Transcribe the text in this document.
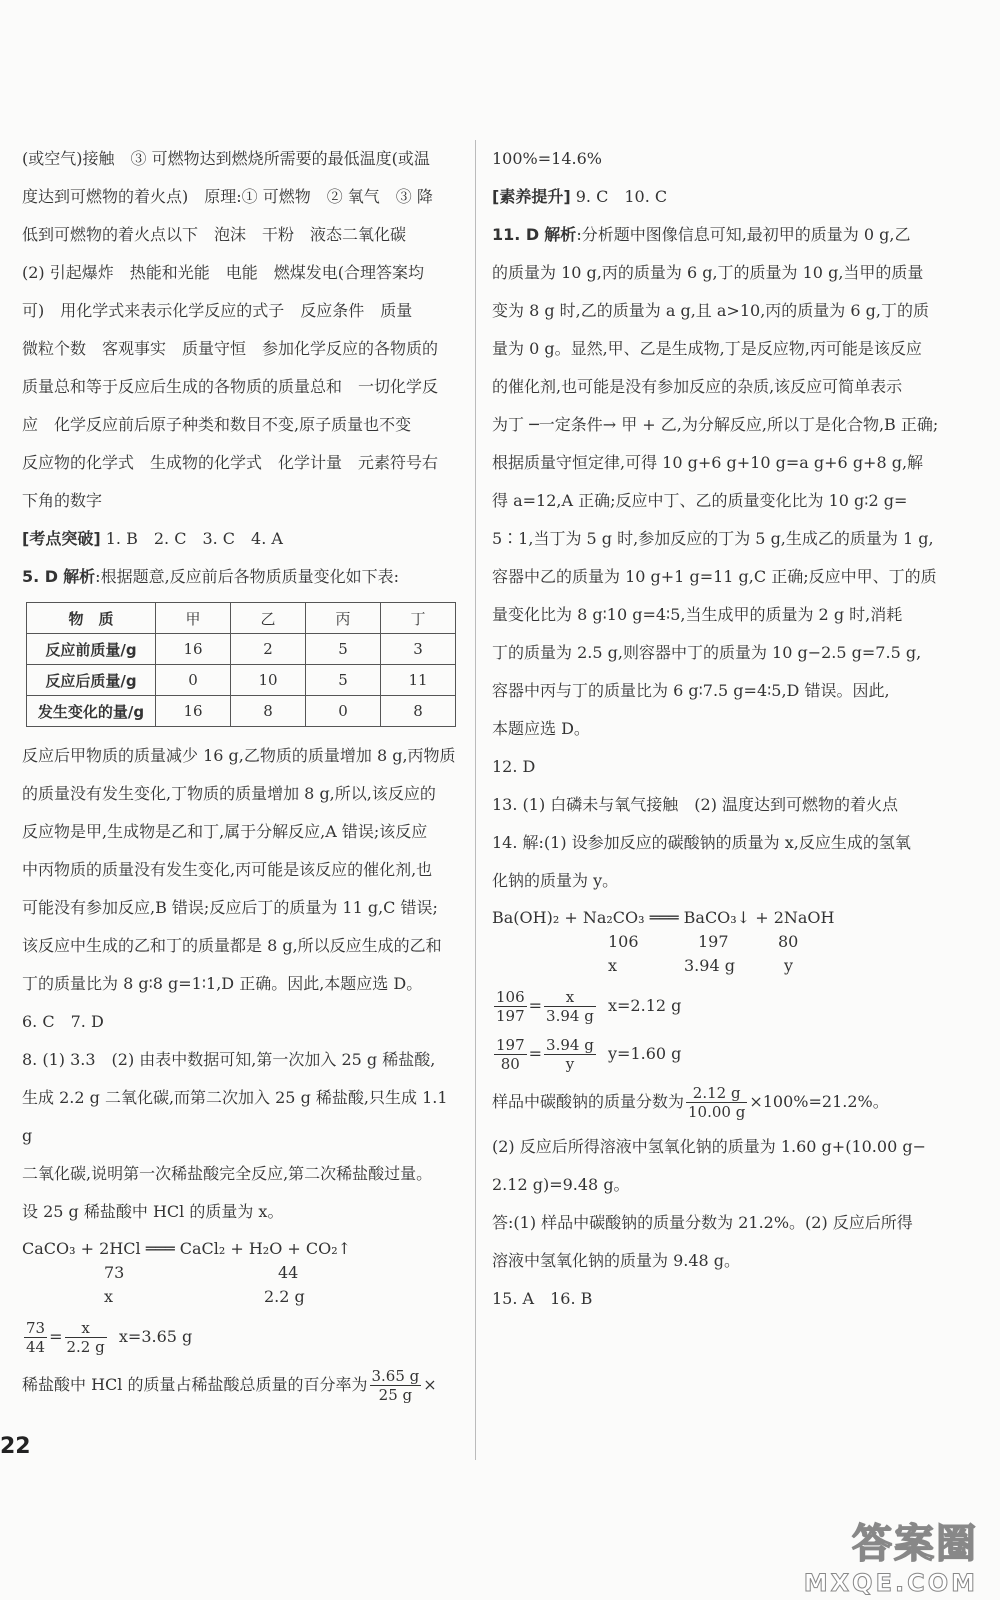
(或空气)接触　③ 可燃物达到燃烧所需要的最低温度(或温

度达到可燃物的着火点)　原理:① 可燃物　② 氧气　③ 降

低到可燃物的着火点以下　泡沫　干粉　液态二氧化碳

(2) 引起爆炸　热能和光能　电能　燃煤发电(合理答案均

可)　用化学式来表示化学反应的式子　反应条件　质量

微粒个数　客观事实　质量守恒　参加化学反应的各物质的

质量总和等于反应后生成的各物质的质量总和　一切化学反

应　化学反应前后原子种类和数目不变,原子质量也不变

反应物的化学式　生成物的化学式　化学计量　元素符号右

下角的数字

[考点突破] 1. B　2. C　3. C　4. A

5. D 解析:根据题意,反应前后各物质质量变化如下表:

物　质	甲	乙	丙	丁
反应前质量/g	16	2	5	3
反应后质量/g	0	10	5	11
发生变化的量/g	16	8	0	8

反应后甲物质的质量减少 16 g,乙物质的质量增加 8 g,丙物质

的质量没有发生变化,丁物质的质量增加 8 g,所以,该反应的

反应物是甲,生成物是乙和丁,属于分解反应,A 错误;该反应

中丙物质的质量没有发生变化,丙可能是该反应的催化剂,也

可能没有参加反应,B 错误;反应后丁的质量为 11 g,C 错误;

该反应中生成的乙和丁的质量都是 8 g,所以反应生成的乙和

丁的质量比为 8 g∶8 g=1∶1,D 正确。因此,本题应选 D。

6. C　7. D

8. (1) 3.3　(2) 由表中数据可知,第一次加入 25 g 稀盐酸,

生成 2.2 g 二氧化碳,而第二次加入 25 g 稀盐酸,只生成 1.1 g

二氧化碳,说明第一次稀盐酸完全反应,第二次稀盐酸过量。

设 25 g 稀盐酸中 HCl 的质量为 x。

CaCO₃ + 2HCl ═══ CaCl₂ + H₂O + CO₂↑
73	44
x	2.2 g
$\frac{73}{44} = \frac{x}{2.2 g} x=3.65$ g
稀盐酸中 HCl 的质量占稀盐酸总质量的百分率为 $\frac{3.65 g}{25 g}$ ×

100%=14.6%

[素养提升] 9. C　10. C

11. D 解析:分析题中图像信息可知,最初甲的质量为 0 g,乙

的质量为 10 g,丙的质量为 6 g,丁的质量为 10 g,当甲的质量

变为 8 g 时,乙的质量为 a g,且 a>10,丙的质量为 6 g,丁的质

量为 0 g。显然,甲、乙是生成物,丁是反应物,丙可能是该反应

的催化剂,也可能是没有参加反应的杂质,该反应可简单表示

为丁 ─一定条件→ 甲 + 乙,为分解反应,所以丁是化合物,B 正确;

根据质量守恒定律,可得 10 g+6 g+10 g=a g+6 g+8 g,解

得 a=12,A 正确;反应中丁、乙的质量变化比为 10 g∶2 g=

5∶1,当丁为 5 g 时,参加反应的丁为 5 g,生成乙的质量为 1 g,

容器中乙的质量为 10 g+1 g=11 g,C 正确;反应中甲、丁的质

量变化比为 8 g∶10 g=4∶5,当生成甲的质量为 2 g 时,消耗

丁的质量为 2.5 g,则容器中丁的质量为 10 g−2.5 g=7.5 g,

容器中丙与丁的质量比为 6 g∶7.5 g=4∶5,D 错误。因此,

本题应选 D。

12. D

13. (1) 白磷未与氧气接触　(2) 温度达到可燃物的着火点

14. 解:(1) 设参加反应的碳酸钠的质量为 x,反应生成的氢氧

化钠的质量为 y。

Ba(OH)₂ + Na₂CO₃ ═══ BaCO₃↓ + 2NaOH
106	197	80
x	3.94 g	y
$\frac{106}{197} = \frac{x}{3.94 g} x=2.12$ g
$\frac{197}{80} = \frac{3.94 g}{y} y=1.60$ g
样品中碳酸钠的质量分数为 $\frac{2.12 g}{10.00 g} \times 100\%=21.2\%$。

(2) 反应后所得溶液中氢氧化钠的质量为 1.60 g+(10.00 g−

2.12 g)=9.48 g。

答:(1) 样品中碳酸钠的质量分数为 21.2%。(2) 反应后所得

溶液中氢氧化钠的质量为 9.48 g。

15. A　16. B

22
答案圈
MXQE.COM
